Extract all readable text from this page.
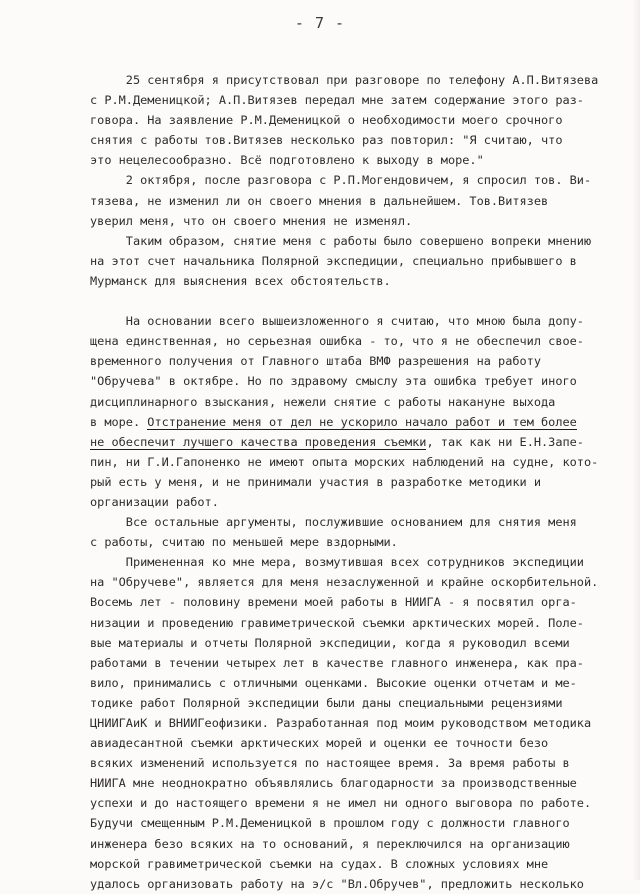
- 7 -
25 сентября я присутствовал при разговоре по телефону А.П.Витязева
с Р.М.Деменицкой; А.П.Витязев передал мне затем содержание этого раз-
говора. На заявление Р.М.Деменицкой о необходимости моего срочного
снятия с работы тов.Витязев несколько раз повторил: "Я считаю, что
это нецелесообразно. Всё подготовлено к выходу в море."
2 октября, после разговора с Р.П.Могендовичем, я спросил тов. Ви-
тязева, не изменил ли он своего мнения в дальнейшем. Тов.Витязев
уверил меня, что он своего мнения не изменял.
Таким образом, снятие меня с работы было совершено вопреки мнению
на этот счет начальника Полярной экспедиции, специально прибывшего в
Мурманск для выяснения всех обстоятельств.
На основании всего вышеизложенного я считаю, что мною была допу-
щена единственная, но серьезная ошибка - то, что я не обеспечил свое-
временного получения от Главного штаба ВМФ разрешения на работу
"Обручева" в октябре. Но по здравому смыслу эта ошибка требует иного
дисциплинарного взыскания, нежели снятие с работы накануне выхода
в море. Отстранение меня от дел не ускорило начало работ и тем более
не обеспечит лучшего качества проведения съемки, так как ни Е.Н.Запе-
пин, ни Г.И.Гапоненко не имеют опыта морских наблюдений на судне, кото-
рый есть у меня, и не принимали участия в разработке методики и
организации работ.
Все остальные аргументы, послужившие основанием для снятия меня
с работы, считаю по меньшей мере вздорными.
Примененная ко мне мера, возмутившая всех сотрудников экспедиции
на "Обручеве", является для меня незаслуженной и крайне оскорбительной.
Восемь лет - половину времени моей работы в НИИГА - я посвятил орга-
низации и проведению гравиметрической съемки арктических морей. Поле-
вые материалы и отчеты Полярной экспедиции, когда я руководил всеми
работами в течении четырех лет в качестве главного инженера, как пра-
вило, принимались с отличными оценками. Высокие оценки отчетам и ме-
тодике работ Полярной экспедиции были даны специальными рецензиями
ЦНИИГАиК и ВНИИГеофизики. Разработанная под моим руководством методика
авиадесантной съемки арктических морей и оценки ее точности безо
всяких изменений используется по настоящее время. За время работы в
НИИГА мне неоднократно объявлялись благодарности за производственные
успехи и до настоящего времени я не имел ни одного выговора по работе.
Будучи смещенным Р.М.Деменицкой в прошлом году с должности главного
инженера безо всяких на то оснований, я переключился на организацию
морской гравиметрической съемки на судах. В сложных условиях мне
удалось организовать работу на э/с "Вл.Обручев", предложить несколько
